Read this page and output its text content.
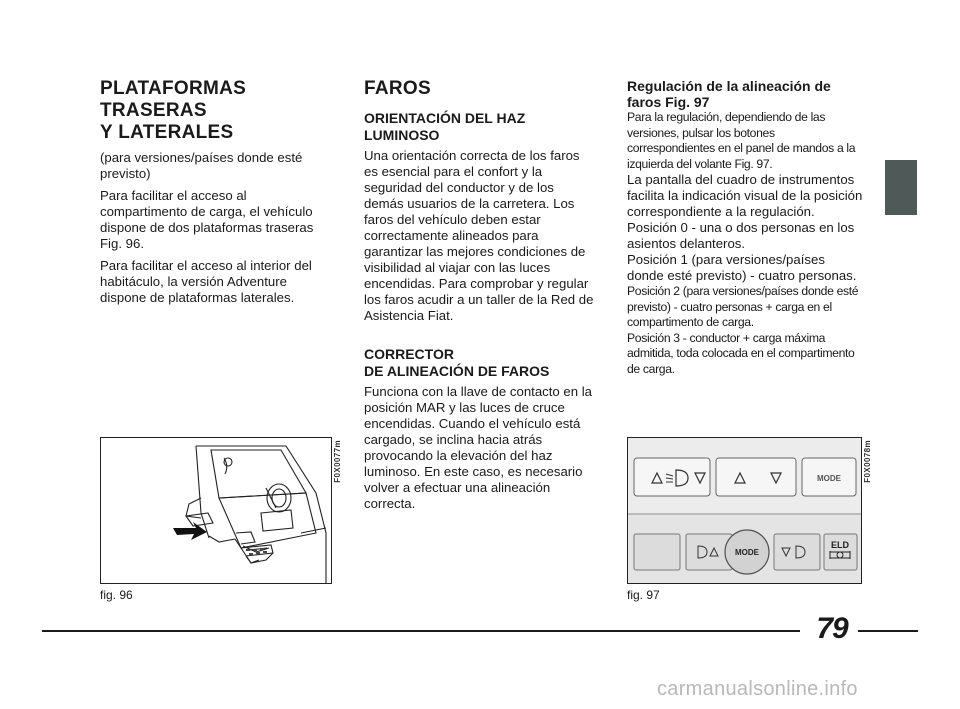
PLATAFORMAS
TRASERAS
Y LATERALES

(para versiones/países donde esté previsto)

Para facilitar el acceso al compartimento de carga, el vehículo dispone de dos plataformas traseras Fig. 96.

Para facilitar el acceso al interior del habitáculo, la versión Adventure dispone de plataformas laterales.

FAROS
ORIENTACIÓN DEL HAZ
LUMINOSO

Una orientación correcta de los faros es esencial para el confort y la seguridad del conductor y de los demás usuarios de la carretera. Los faros del vehículo deben estar correctamente alineados para garantizar las mejores condiciones de visibilidad al viajar con las luces encendidas. Para comprobar y regular los faros acudir a un taller de la Red de Asistencia Fiat.

CORRECTOR
DE ALINEACIÓN DE FAROS

Funciona con la llave de contacto en la posición MAR y las luces de cruce encendidas. Cuando el vehículo está cargado, se inclina hacia atrás provocando la elevación del haz luminoso. En este caso, es necesario volver a efectuar una alineación correcta.

Regulación de la alineación de
faros Fig. 97

Para la regulación, dependiendo de las versiones, pulsar los botones correspondientes en el panel de mandos a la izquierda del volante Fig. 97.

La pantalla del cuadro de instrumentos facilita la indicación visual de la posición correspondiente a la regulación.

Posición 0 - una o dos personas en los asientos delanteros.

Posición 1 (para versiones/países donde esté previsto) - cuatro personas.

Posición 2 (para versiones/países donde esté previsto) - cuatro personas + carga en el compartimento de carga.

Posición 3 - conductor + carga máxima admitida, toda colocada en el compartimento de carga.

F0X0077m
fig. 96
MODE
MODE
ELD
F0X0078m
fig. 97
79
carmanualsonline.info
